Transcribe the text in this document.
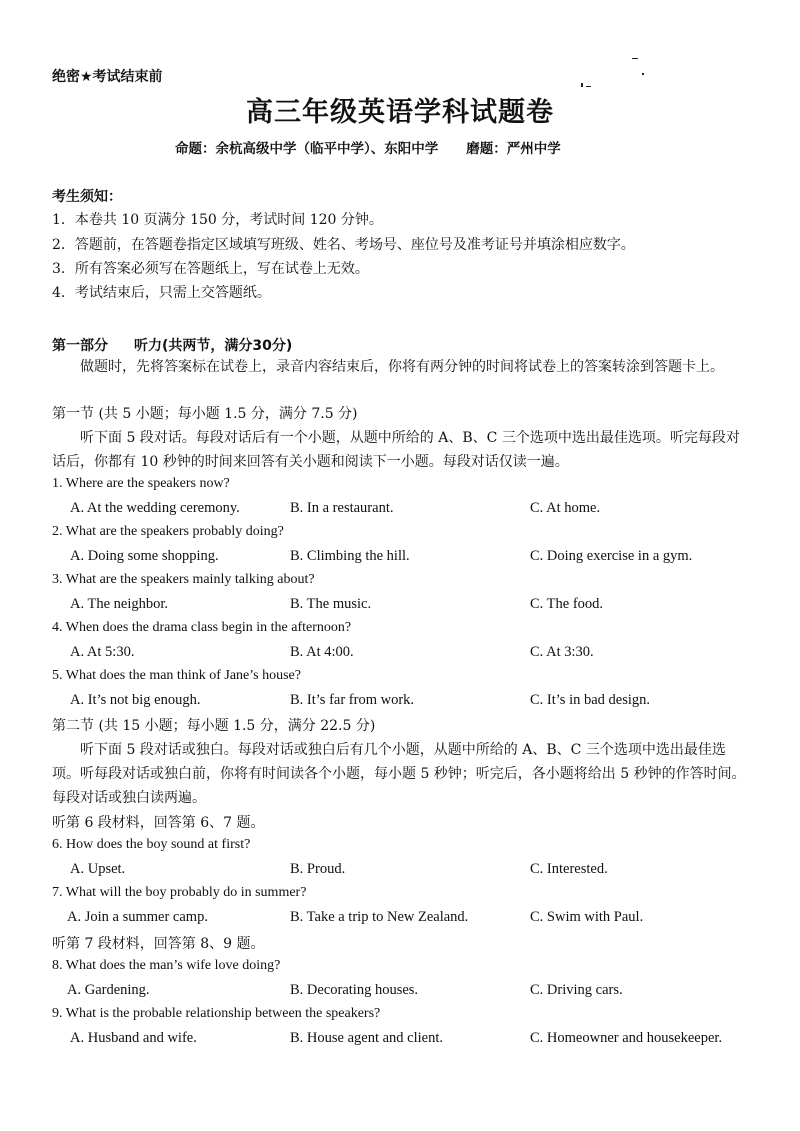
绝密★考试结束前
高三年级英语学科试题卷
命题：余杭高级中学（临平中学）、东阳中学 磨题：严州中学
考生须知：
1．本卷共 10 页满分 150 分，考试时间 120 分钟。
2．答题前，在答题卷指定区域填写班级、姓名、考场号、座位号及准考证号并填涂相应数字。
3．所有答案必须写在答题纸上，写在试卷上无效。
4．考试结束后，只需上交答题纸。
第一部分 听力(共两节，满分30分)
做题时，先将答案标在试卷上，录音内容结束后，你将有两分钟的时间将试卷上的答案转涂到答题卡上。
第一节 (共 5 小题；每小题 1.5 分，满分 7.5 分)
听下面 5 段对话。每段对话后有一个小题，从题中所给的 A、B、C 三个选项中选出最佳选项。听完每段对话后，你都有 10 秒钟的时间来回答有关小题和阅读下一小题。每段对话仅读一遍。
1. Where are the speakers now?
A. At the wedding ceremony.	B. In a restaurant.	C. At home.
2. What are the speakers probably doing?
A. Doing some shopping.	B. Climbing the hill.	C. Doing exercise in a gym.
3. What are the speakers mainly talking about?
A. The neighbor.	B. The music.	C. The food.
4. When does the drama class begin in the afternoon?
A. At 5:30.	B. At 4:00.	C. At 3:30.
5. What does the man think of Jane’s house?
A. It’s not big enough.	B. It’s far from work.	C. It’s in bad design.
第二节 (共 15 小题；每小题 1.5 分，满分 22.5 分)
听下面 5 段对话或独白。每段对话或独白后有几个小题，从题中所给的 A、B、C 三个选项中选出最佳选项。听每段对话或独白前，你将有时间读各个小题，每小题 5 秒钟；听完后，各小题将给出 5 秒钟的作答时间。每段对话或独白读两遍。
听第 6 段材料，回答第 6、7 题。
6. How does the boy sound at first?
A. Upset.	B. Proud.	C. Interested.
7. What will the boy probably do in summer?
A. Join a summer camp.	B. Take a trip to New Zealand.	C. Swim with Paul.
听第 7 段材料，回答第 8、9 题。
8. What does the man’s wife love doing?
A. Gardening.	B. Decorating houses.	C. Driving cars.
9. What is the probable relationship between the speakers?
A. Husband and wife.	B. House agent and client.	C. Homeowner and housekeeper.
